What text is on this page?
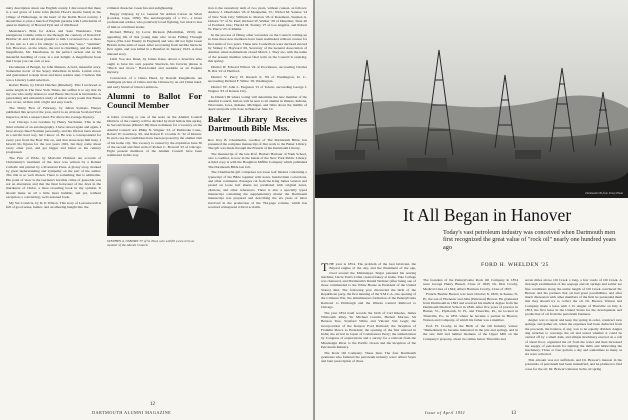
nutty description about one English county. I discovered that there is a real grave of Little John (Robin Hood's merrie band) in the village of Hathersage, in the heart of the Robin Hood country. I should like to plan a bunch of English gardens with Latin habits of quest in memory of Howard Pyle and of childhood.

Meanderer's Brits for Alices and Saxe Wanderers. This energenous volume came to me through the courtesy of Ronald P. Hobbie '41 and I am most grateful to him. I reviewed two or more of the text as I am a bit allergic to words like "sere," "summer" fair. However, on the whole, the text is charming, and the kindly magnificent, Mr. Meerhouse, in his perfect reckon and in his masterful handling of color, is a real delight. A magnificent book that I hope you can own or see.

Documents of Bengal, by John Masters. A bold, masterful story. Somewhat novel of the Sepoy Rebellion in India. Lavish color, and guaranteed to keep more and more readers alert. I believe this was a Literary Guild selection.

Robert Burns, by David Daiches (Rinehart). This I reviewed at some length in The New York Times, but suffice it to say that its my one who really desires to read Burns this book is invaluable. A penetrating and exhaustive study of almost every poem that Burns ever wrote, written with a light and easy touch.

The Thirty First of February, by Julian Symons. Harper published this novel of the year, and it is an obvious Scotland Yard inspector, drive a suspect mad. Far above the average mystery.

Lost Chicago Lost Gardens by Henry Sarchman. This is the third volume of an autobiography. I have reread again and again. I have always liked Norman personally, and his life has been shown in a terrific hard way, but I know of. He was a correspondent for every year from the Boer War on, and that alone kept him busy. I haven't his figures for the war years 1901, but they come about every other year, and get bigger and better as the century progressed.

The Fear of Pride, by Malcolm Holland. An account of Christianity's treatment of the Jews was written by a Roman Catholic and printed by a Protestant Press. A glossy story, marked by great understanding and sympathy on the part of the author. The title is so well chosen. There is something that is admirable. His point of view is the German's horrible crime of genocide was not an aberration and that the final holocaust of the Jews in the murderers of Christ, a most revealing book in my opinion. It should make us all a little more humble, and yet, without exception, a convincing, well reasoned book.

My Six Convicts, by D. P. Wilson. This story of Leavenworth is full of good sense, humor, and an amazing insight into the

criminal character. Great fun and enlightening.

Happy Odyssey, by Lt. General Sir Adrian Carton de Wiart (London, Cape, 1950). The autobiography of a V.C., a brave professional soldier, who positively loved fighting, but what is less of him as a brilliant leader.

Richard Hillary, by Lovat Dickson (Macmillan, 1950). An appealing life of that young man who wrote Falling Through Space (The Last Enemy in England) and who did not fight Great Britain in the arms of need. After recovering from terrible burns he flew again, and was killed in a Beaufort in January 1943. A most unusual story.

Until You Are Dead, by James Kane. About a detective who ought to have his own popular Sherlock, his favorite phrase is "Pinch and move." Hard-boiled and readable as an Esquire mystery.

Conversion of a China Hand, by Ronald Pengelham. An intelligent picture of China and the Chinese by an old China hand, and early friend of Owen Lattimore.

Alumni to Ballot For Council Member

A ballot covering or one of the seats on the Alumni Council Districts of the country will be decided by mail ballots this spring. In Second States (District III) three nominees for a vacancy on the Alumni Council are: Philip N. Wagner '13, of Pembroke Conn., Robert W. Gawthrop '20, and Robert E. Crosbie Jr. '32 of Denver. In each case the candidates have been proposed by the alumni club of his home city. The vacancy is caused by the expiration June 30 of the second and final term of Robert C. Borwell '25 of Chicago. Eight present members of the Alumni Council have been nominated in this way.

STEPHEN A. OSBORN '37 of St. Paul, who will fill a new term as member of the Alumni Council.

tion to the customary term of two years, without contest, as follows: Andrew J. Oberlander '26 of Montpelier, Vt.; Nichol M. Sandoe '14 of New York City; William G. Morton '26 of Rosemont, Stephen A. Osborn '37 of St. Paul; Richard W. Walker '28 of Dunellen; Tinte 20 of Portland, Ore.; Harold M. Stanley '27 of Los Angeles, and Robert W. Pierce '25 of Miami.

In the process of filling other vacancies on the Council coming up in June three new members have been nominated without contest for first terms of two years. These new Councillors were declared elected by Sidney C. Hayward '26, Secretary of the General Association of Alumni, when nominations closed March 1. They are, with the name of the present member whose final term on the Council is expiring, this spring:

District II: Edward Wilson '24 of Providence, succeeding Charles B. Rix '22 of Hartford.

District V: Percy H. Russell Jr. '09 of Washington, D. C., succeeding Richard F. White '18, Washington.

District VI: John L. Ferguson '15 of Toledo, succeeding George J. Wagner '23 of Kansas City.

In District III where voting will determine the new member of the Alumni Council, ballots will be sent to all alumni in Illinois, Indiana, Wisconsin, Iowa, Indiana, Michigan, and Ohio about the middle of April and polls will close in Hanover June 10.

Baker Library Receives Dartmouth Bible Mss.

Rev. Roy B. Chamberlin, coeditor of The Dartmouth Bible, has presented the complete manuscript of that work to the Baker Library. The gift was made through the Friends of the Dartmouth Library.

The manuscript of the late Prof. Herbert Harbour of Yank School, also a coeditor, is now in the hands of the New York Public Library. A third copy is with the Houghton Mifflin Company which published The Dartmouth Bible last fall.

The Chamberlin gift comprises ten loose leaf binders containing a typescript of the Bible together with notes, handwritten corrections, and other comments. Passages cut from the King James version and pasted on loose leaf sheets are paralleled with original notes, citations, and other references. There is also a specially typed manuscript containing the supplementary matter the Dartmouth manuscript was prepared and describing the six years of labor involved in the production of the 794-page volume, which has received widespread critical acclaim.

12
DARTMOUTH ALUMNI MAGAZINE
Dartmouth Oil from Jersey Photo
It All Began in Hanover
Today's vast petroleum industry was conceived when Dartmouth men first recognized the great value of "rock oil" nearly one hundred years ago
FORD H. WHELDEN '25

THE year is 1854. The problem of the best lubricant, the Bayard engine of the day, and the illuminant of the age, rived around the Mississippi. Stigar patented his sewing machine; Uncle Tom's Cabin created frenzy at home. Yale College was chartered, and Dartmouth's Daniel Webster (after being one of those commanded to the White House as President of the United States) died. The following year chronicled the birth of the Republican party, the first meeting of the Y.M.C.A., the opening of the Crimean War, the simultaneous formation of the Pennsylvania Railroad to Pittsburgh and the Illinois Central Railroad to Chicago.

The year 1854 itself records the birth of Carl Rhodes, James Whitcomb Riley, Sir Michael Courtin, Herbert Marcus, Sir Benson Tree, Stanford White and Vincent Van Gogh; the incorporation of the Kenyon Ford Railroad; the inception of Franklin Pierce as President; the opening of the first railroad in India; the arrival in Japan of Commodore Perry; the authorization by Congress of explorations and a survey for a railroad from the Mississippi River to the Pacific Ocean and the inception of the Petroleum Industry.

The Rock Oil Company. These men. The four Dartmouth graduates who fathered the petroleum industry were: Albert Sayre and later prescription of those

The founders of the Pennsylvania Rock Oil Company in 1854 were George Henry Bissell, Class of 1845; Dr. Dixi Crosby, Medical Class of 1824; Albert Harrison Crosby, Class of 1847.

Francis Beattie Brewer was born October 8, 1820, in Keene, N. H., the son of Ebenezer and Julia (Emerson) Brewer. He graduated from Dartmouth in 1843 and received his medical degree from the Dartmouth Medical School in 1846. After five years of practice in Barnet, Vt., Plymouth, N. H., and Titusville, Pa., he located in Titusville, Pa., in 1851 where he became a partner in Brewer, Watson and Company, of which his father was a member.

Prof. H. Crosby, in the Birth of the Oil Industry writes: "Immediately he became interested in the pits and springs, and in the saw mill and lumber business of the Upper Mill on the Company's property, about two miles below Titusville and

seven miles above Oil Creek a long, a few roads of Oil Creek. A thorough examination of the seepage and oil springs and saltier are fine conditions along the entire length of Oil Creek convinced Dr. Brewer and his partners that oil had great possibilities, and after much discussion with other members of the firm he persuaded them that they should try to collect the oil. Dr. Brewer, Watson and Company made a lease with J. D. Angier of Titusville on July 4, 1853, the first lease in the United States for the development and production of oil from the petroleum business.

Angier was to repair and keep the spring in order, construct new springs, and gather oil, when the expenses had been deducted from the proceeds, the balance, if any, was to be equally divided. Angier dug trenches to converge the oil and tested whether it could be carried off by a small dam, and simple machinery erected on a raft of about floor, organized the oil from the water and then increased the supply of petroleum for lighting the mills and lubricating the machinery. Three or four gallons a day and sometimes as many as six were collected.

This amount was not sufficient, and Dr. Brewer's interest in the potentials of petroleum had been intensified, and he planned to find a use for the oil. Dr. Brewer's interest in the oil spring

Issue of April 1951	13
